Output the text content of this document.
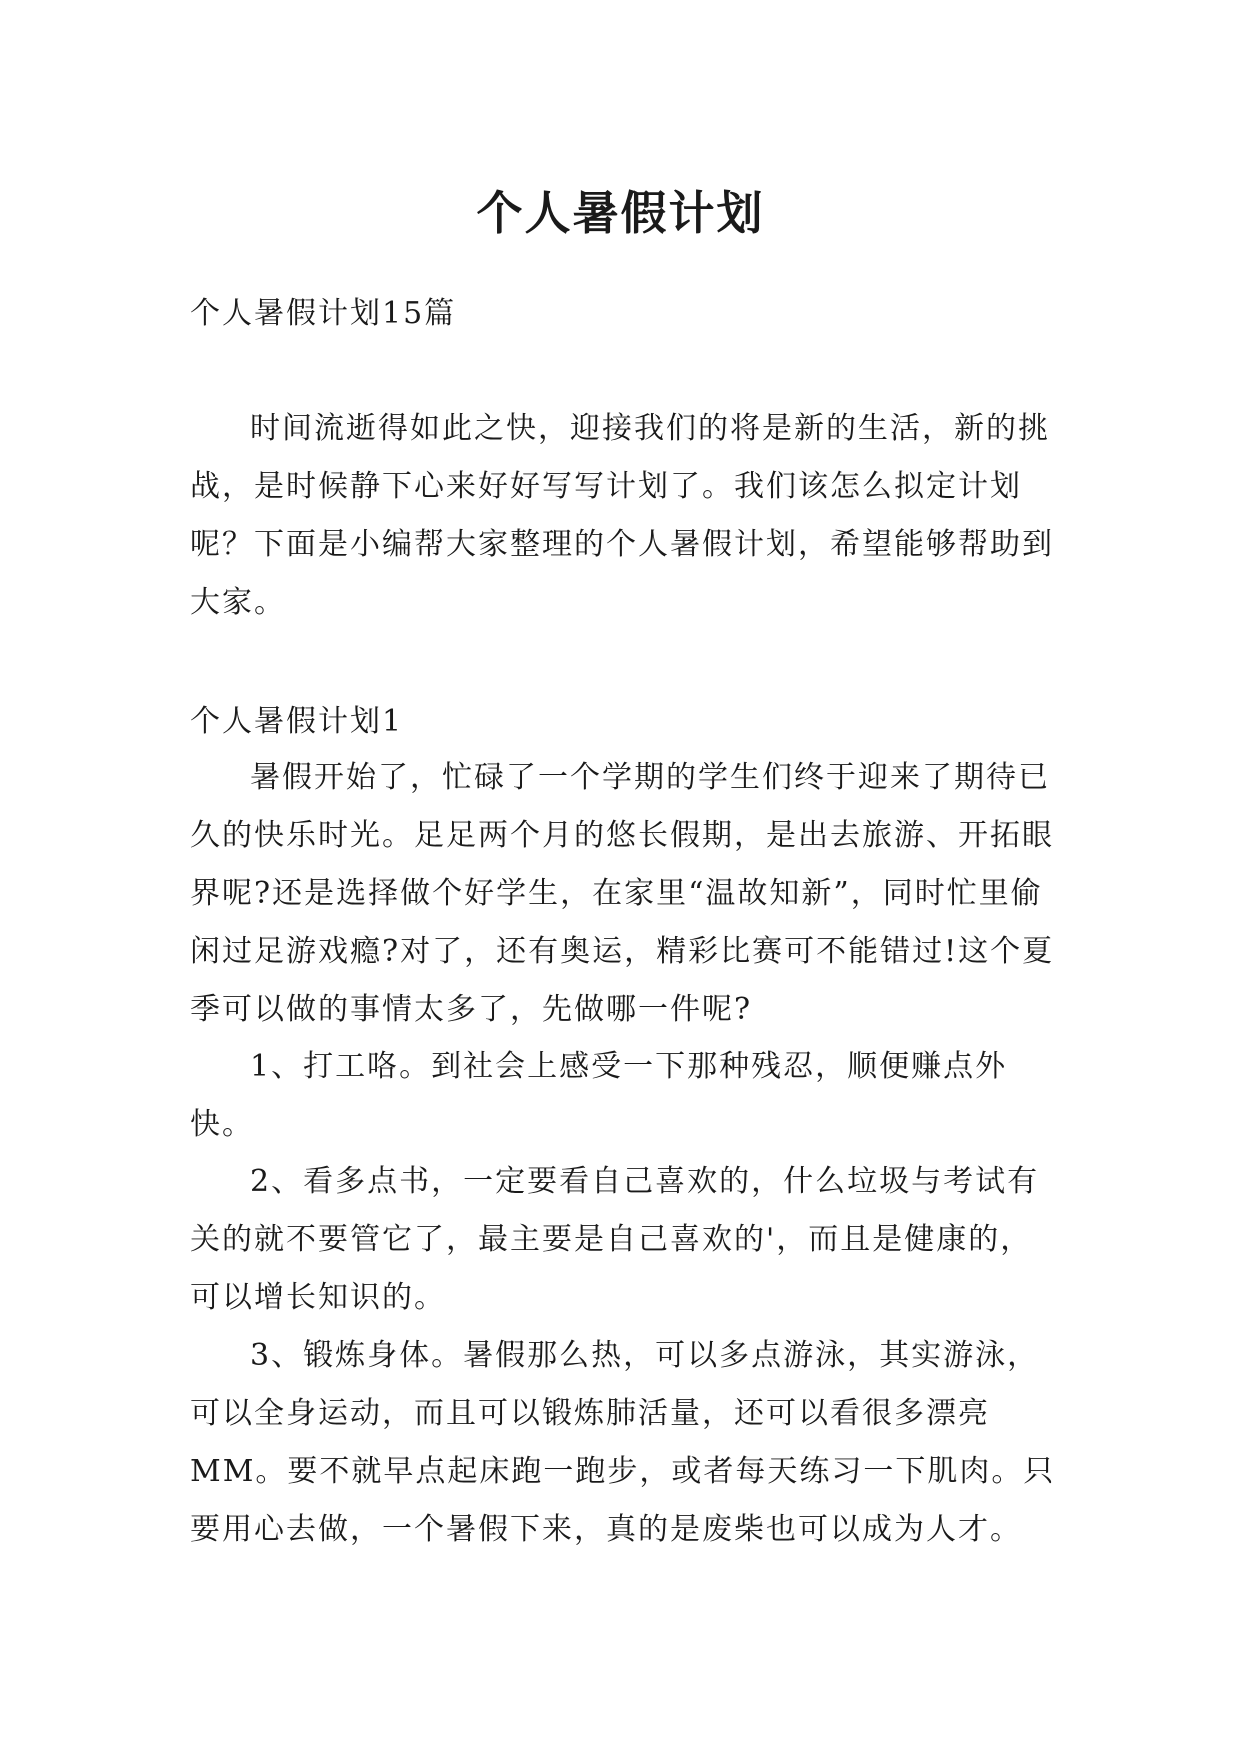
个人暑假计划

个人暑假计划15篇

时间流逝得如此之快，迎接我们的将是新的生活，新的挑战，是时候静下心来好好写写计划了。我们该怎么拟定计划呢？下面是小编帮大家整理的个人暑假计划，希望能够帮助到大家。

个人暑假计划1

暑假开始了，忙碌了一个学期的学生们终于迎来了期待已久的快乐时光。足足两个月的悠长假期，是出去旅游、开拓眼界呢?还是选择做个好学生，在家里“温故知新”，同时忙里偷闲过足游戏瘾?对了，还有奥运，精彩比赛可不能错过!这个夏季可以做的事情太多了，先做哪一件呢?

1、打工咯。到社会上感受一下那种残忍，顺便赚点外快。

2、看多点书，一定要看自己喜欢的，什么垃圾与考试有关的就不要管它了，最主要是自己喜欢的'，而且是健康的，可以增长知识的。

3、锻炼身体。暑假那么热，可以多点游泳，其实游泳，可以全身运动，而且可以锻炼肺活量，还可以看很多漂亮MM。要不就早点起床跑一跑步，或者每天练习一下肌肉。只要用心去做，一个暑假下来，真的是废柴也可以成为人才。
